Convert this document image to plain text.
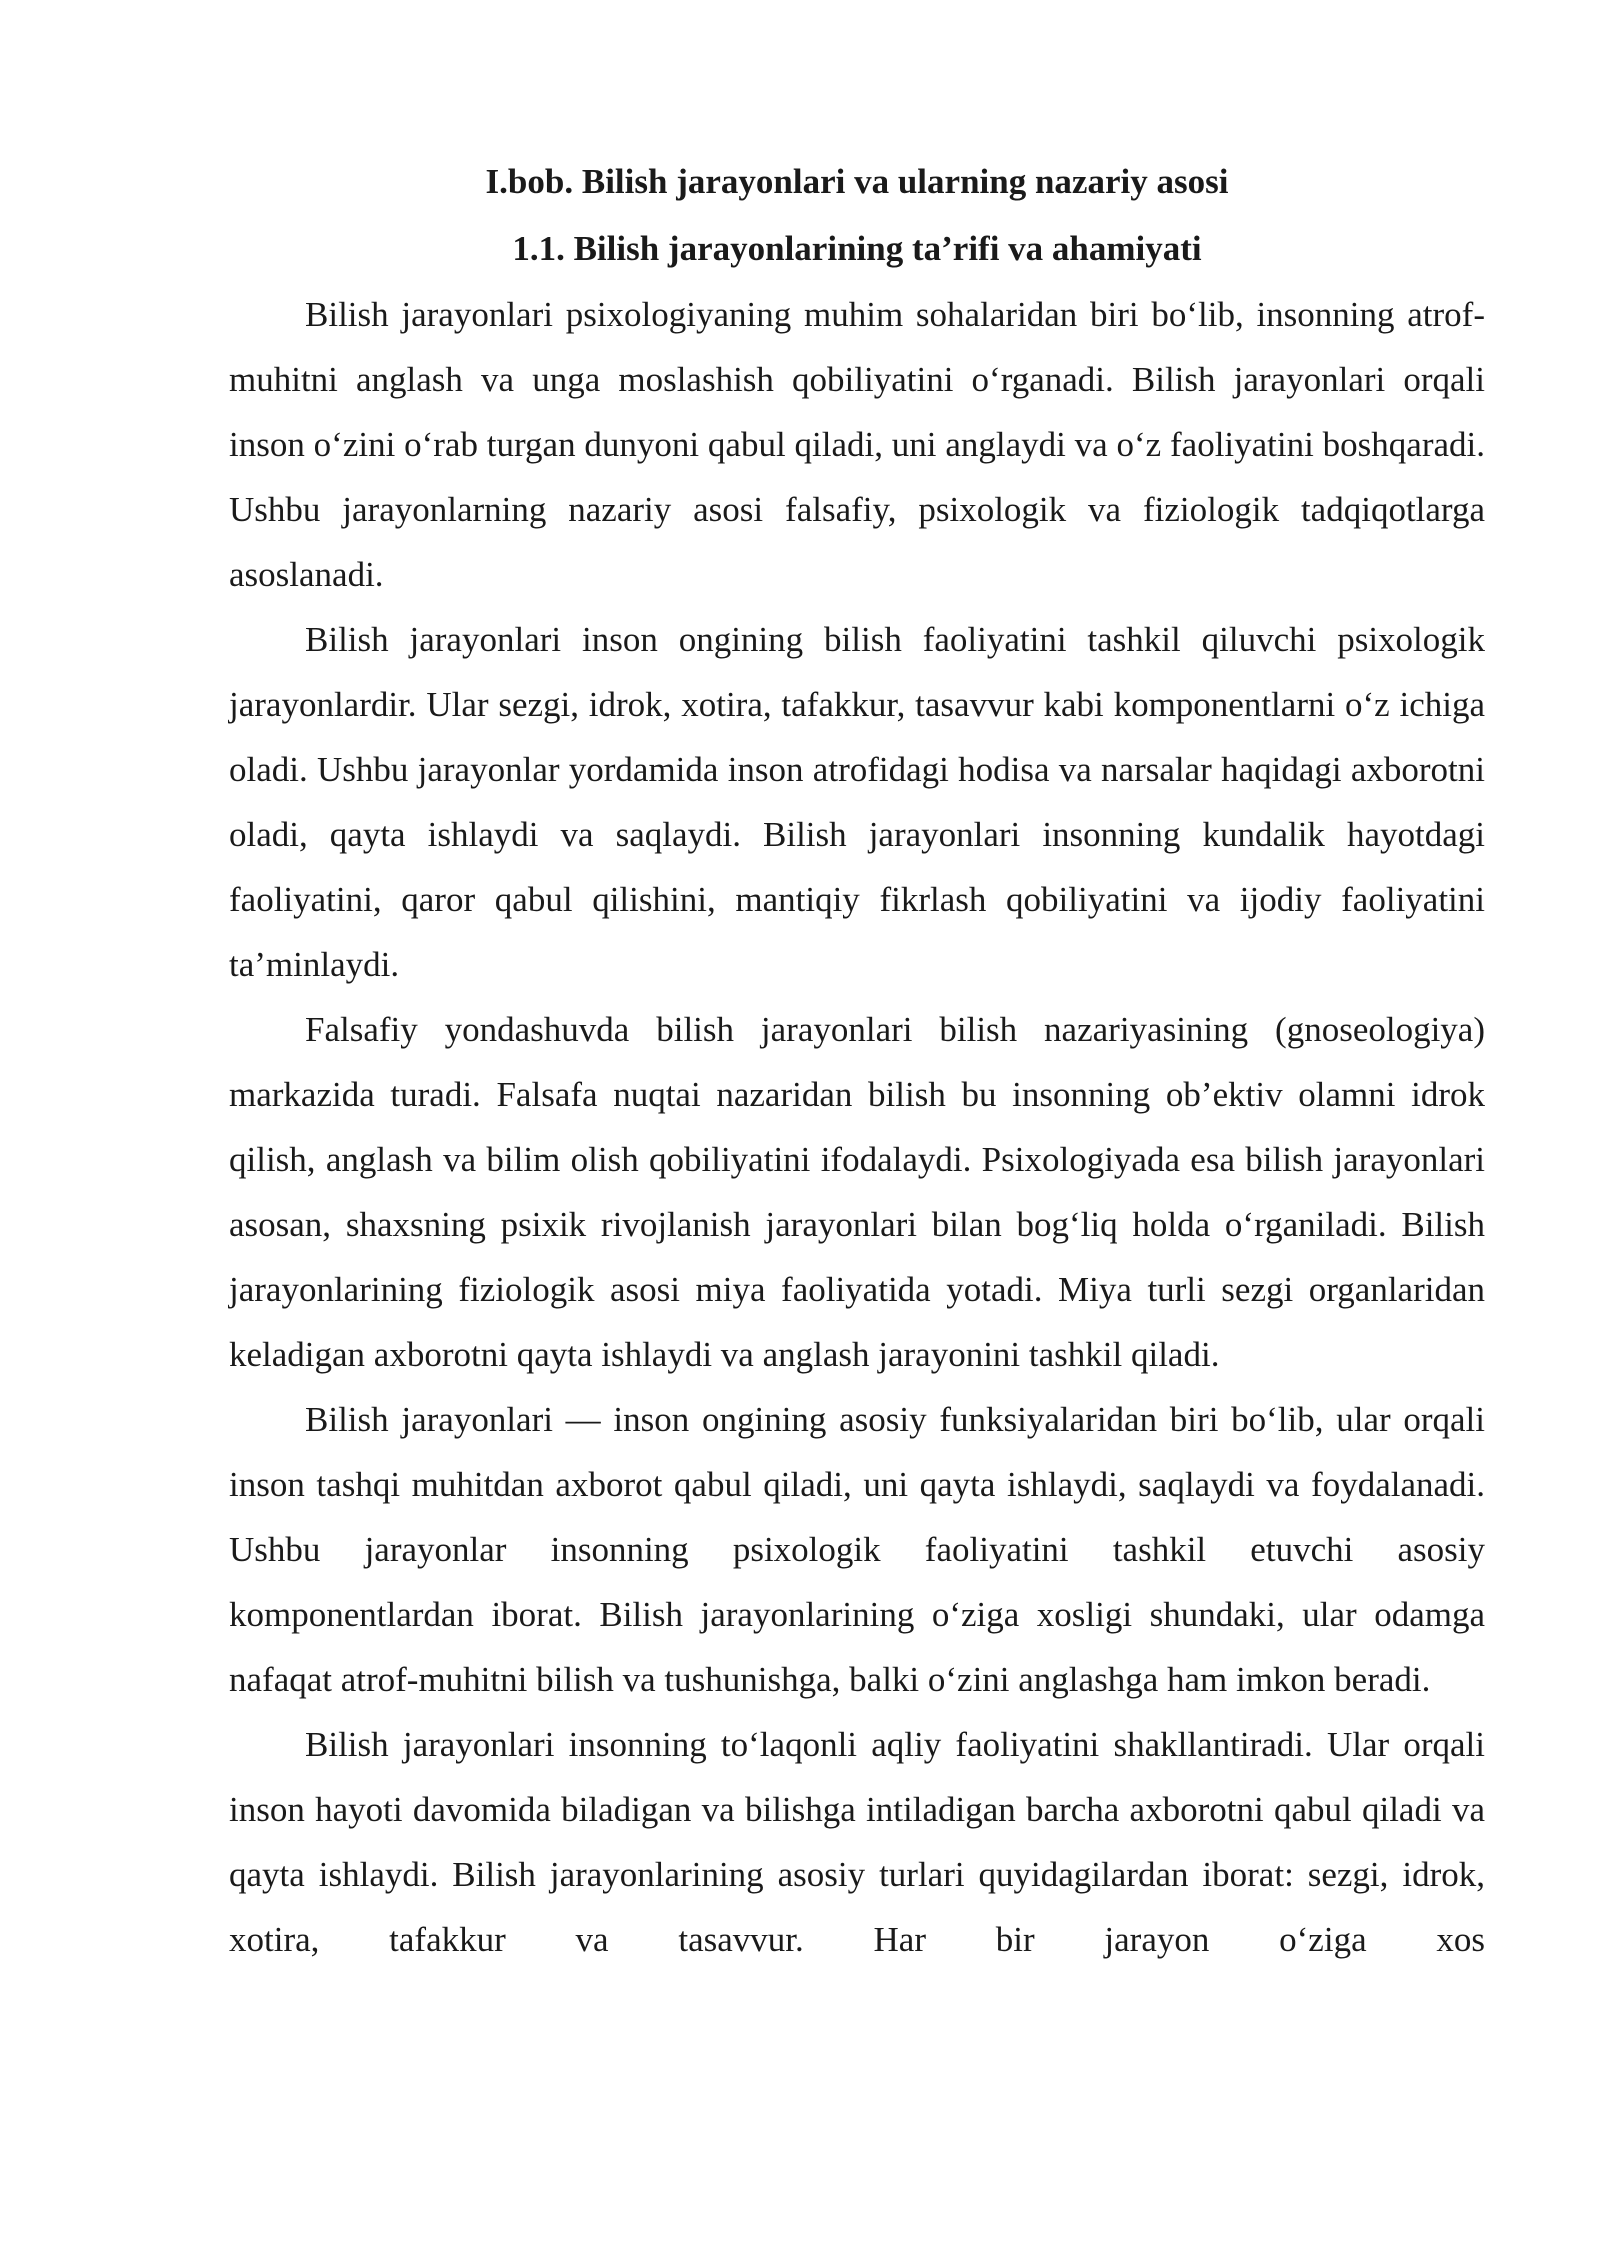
I.bob. Bilish jarayonlari va ularning nazariy asosi

1.1. Bilish jarayonlarining ta’rifi va ahamiyati

Bilish jarayonlari psixologiyaning muhim sohalaridan biri bo‘lib, insonning atrof-muhitni anglash va unga moslashish qobiliyatini o‘rganadi. Bilish jarayonlari orqali inson o‘zini o‘rab turgan dunyoni qabul qiladi, uni anglaydi va o‘z faoliyatini boshqaradi. Ushbu jarayonlarning nazariy asosi falsafiy, psixologik va fiziologik tadqiqotlarga asoslanadi.

Bilish jarayonlari inson ongining bilish faoliyatini tashkil qiluvchi psixologik jarayonlardir. Ular sezgi, idrok, xotira, tafakkur, tasavvur kabi komponentlarni o‘z ichiga oladi. Ushbu jarayonlar yordamida inson atrofidagi hodisa va narsalar haqidagi axborotni oladi, qayta ishlaydi va saqlaydi. Bilish jarayonlari insonning kundalik hayotdagi faoliyatini, qaror qabul qilishini, mantiqiy fikrlash qobiliyatini va ijodiy faoliyatini ta’minlaydi.

Falsafiy yondashuvda bilish jarayonlari bilish nazariyasining (gnoseologiya) markazida turadi. Falsafa nuqtai nazaridan bilish bu insonning ob’ektiv olamni idrok qilish, anglash va bilim olish qobiliyatini ifodalaydi. Psixologiyada esa bilish jarayonlari asosan, shaxsning psixik rivojlanish jarayonlari bilan bog‘liq holda o‘rganiladi. Bilish jarayonlarining fiziologik asosi miya faoliyatida yotadi. Miya turli sezgi organlaridan keladigan axborotni qayta ishlaydi va anglash jarayonini tashkil qiladi.

Bilish jarayonlari — inson ongining asosiy funksiyalaridan biri bo‘lib, ular orqali inson tashqi muhitdan axborot qabul qiladi, uni qayta ishlaydi, saqlaydi va foydalanadi. Ushbu jarayonlar insonning psixologik faoliyatini tashkil etuvchi asosiy komponentlardan iborat. Bilish jarayonlarining o‘ziga xosligi shundaki, ular odamga nafaqat atrof-muhitni bilish va tushunishga, balki o‘zini anglashga ham imkon beradi.

Bilish jarayonlari insonning to‘laqonli aqliy faoliyatini shakllantiradi. Ular orqali inson hayoti davomida biladigan va bilishga intiladigan barcha axborotni qabul qiladi va qayta ishlaydi. Bilish jarayonlarining asosiy turlari quyidagilardan iborat: sezgi, idrok, xotira, tafakkur va tasavvur. Har bir jarayon o‘ziga xos
